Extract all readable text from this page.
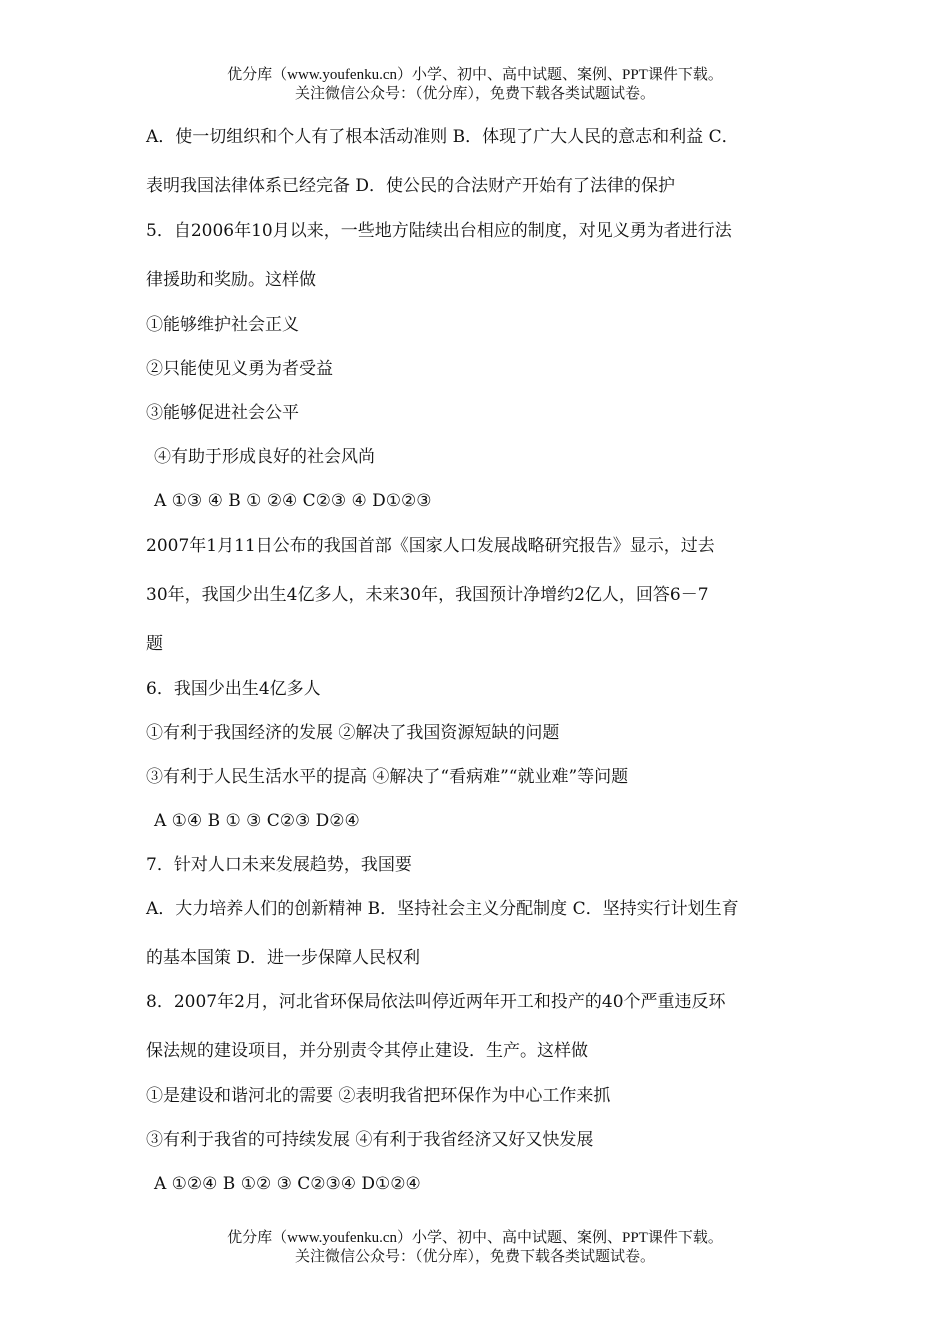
优分库（www.youfenku.cn）小学、初中、高中试题、案例、PPT课件下载。
关注微信公众号：（优分库），免费下载各类试题试卷。
A．使一切组织和个人有了根本活动准则 B．体现了广大人民的意志和利益 C．
表明我国法律体系已经完备 D．使公民的合法财产开始有了法律的保护
5．自2006年10月以来，一些地方陆续出台相应的制度，对见义勇为者进行法
律援助和奖励。这样做
①能够维护社会正义
②只能使见义勇为者受益
③能够促进社会公平
④有助于形成良好的社会风尚
A ①③ ④ B ① ②④ C②③ ④ D①②③
2007年1月11日公布的我国首部《国家人口发展战略研究报告》显示，过去
30年，我国少出生4亿多人，未来30年，我国预计净增约2亿人，回答6－7
题
6．我国少出生4亿多人
①有利于我国经济的发展 ②解决了我国资源短缺的问题
③有利于人民生活水平的提高 ④解决了“看病难”“就业难”等问题
A ①④ B ① ③ C②③ D②④
7．针对人口未来发展趋势，我国要
A．大力培养人们的创新精神 B．坚持社会主义分配制度 C．坚持实行计划生育
的基本国策 D．进一步保障人民权利
8．2007年2月，河北省环保局依法叫停近两年开工和投产的40个严重违反环
保法规的建设项目，并分别责令其停止建设．生产。这样做
①是建设和谐河北的需要 ②表明我省把环保作为中心工作来抓
③有利于我省的可持续发展 ④有利于我省经济又好又快发展
A ①②④ B ①② ③ C②③④ D①②④
优分库（www.youfenku.cn）小学、初中、高中试题、案例、PPT课件下载。
关注微信公众号：（优分库），免费下载各类试题试卷。
